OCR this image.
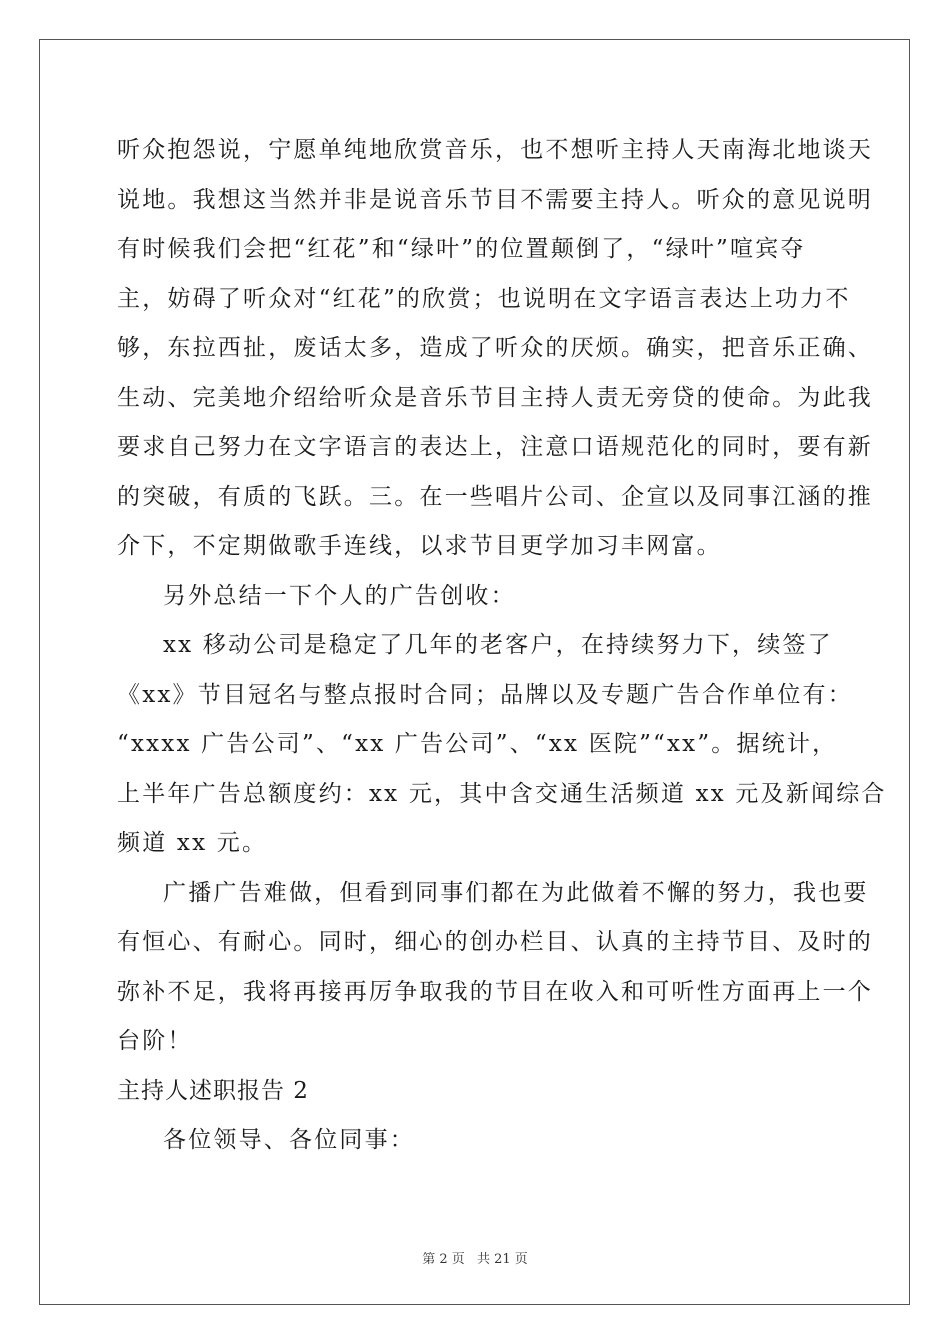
听众抱怨说，宁愿单纯地欣赏音乐，也不想听主持人天南海北地谈天
说地。我想这当然并非是说音乐节目不需要主持人。听众的意见说明
有时候我们会把“红花”和“绿叶”的位置颠倒了，“绿叶”喧宾夺
主，妨碍了听众对“红花”的欣赏；也说明在文字语言表达上功力不
够，东拉西扯，废话太多，造成了听众的厌烦。确实，把音乐正确、
生动、完美地介绍给听众是音乐节目主持人责无旁贷的使命。为此我
要求自己努力在文字语言的表达上，注意口语规范化的同时，要有新
的突破，有质的飞跃。三。在一些唱片公司、企宣以及同事江涵的推
介下，不定期做歌手连线，以求节目更学加习丰网富。
另外总结一下个人的广告创收：
xx 移动公司是稳定了几年的老客户，在持续努力下，续签了
《xx》节目冠名与整点报时合同；品牌以及专题广告合作单位有：
“xxxx 广告公司”、“xx 广告公司”、“xx 医院”“xx”。据统计，
上半年广告总额度约：xx 元，其中含交通生活频道 xx 元及新闻综合
频道 xx 元。
广播广告难做，但看到同事们都在为此做着不懈的努力，我也要
有恒心、有耐心。同时，细心的创办栏目、认真的主持节目、及时的
弥补不足，我将再接再厉争取我的节目在收入和可听性方面再上一个
台阶！
主持人述职报告 2
各位领导、各位同事：
第 2 页 共 21 页
